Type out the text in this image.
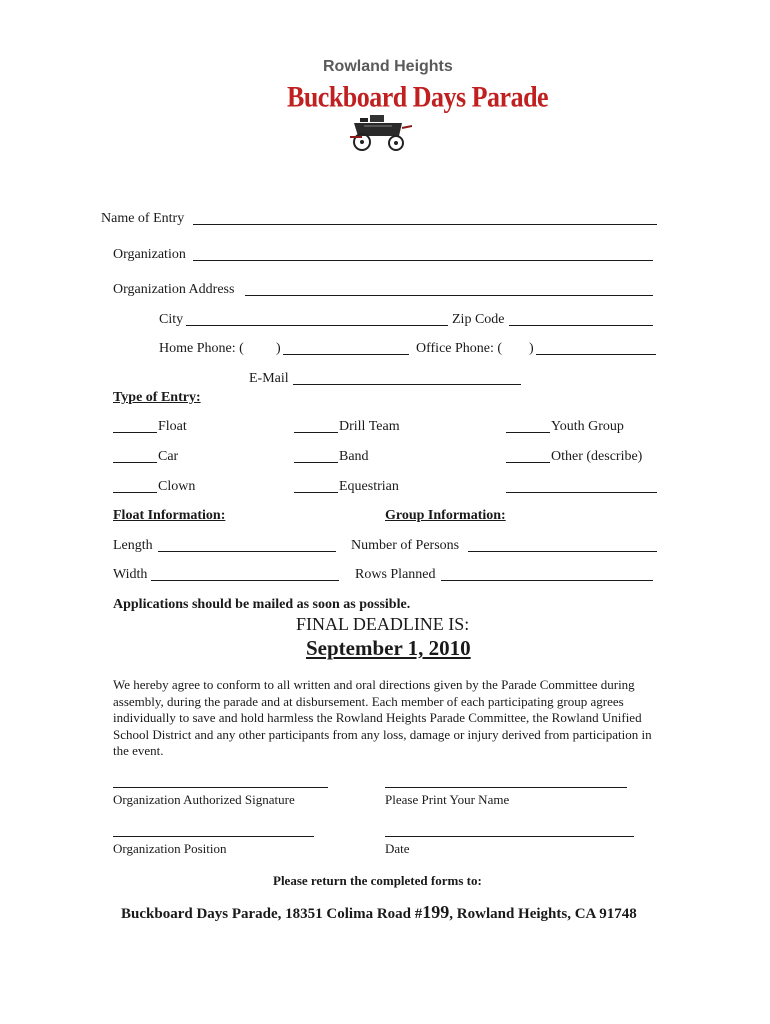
Rowland Heights
Buckboard Days Parade
Name of Entry
Organization
Organization Address
City	Zip Code
Home Phone: ( )	Office Phone: ( )
E-Mail
Type of Entry:
Float	Drill Team	Youth Group
Car	Band	Other (describe)
Clown	Equestrian
Float Information:	Group Information:
Length	Number of Persons
Width	Rows Planned
Applications should be mailed as soon as possible.
FINAL DEADLINE IS:
September 1, 2010
We hereby agree to conform to all written and oral directions given by the Parade Committee during assembly, during the parade and at disbursement. Each member of each participating group agrees individually to save and hold harmless the Rowland Heights Parade Committee, the Rowland Unified School District and any other participants from any loss, damage or injury derived from participation in the event.
Organization Authorized Signature	Please Print Your Name
Organization Position	Date
Please return the completed forms to:
Buckboard Days Parade, 18351 Colima Road #199, Rowland Heights, CA 91748
